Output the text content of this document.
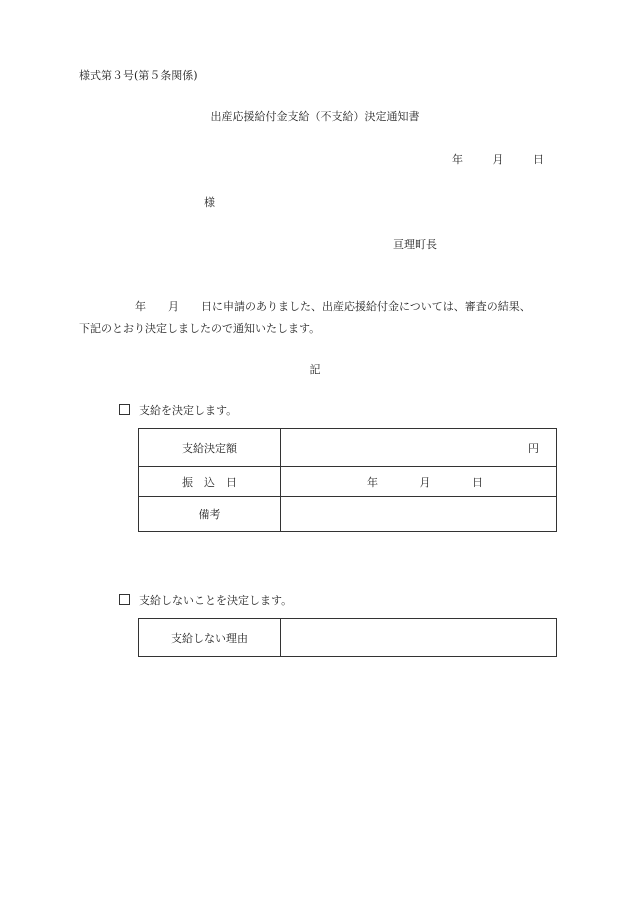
様式第３号(第５条関係)
出産応援給付金支給（不支給）決定通知書
年	月	日
様
亘理町長
年　　月　　日に申請のありました、出産応援給付金については、審査の結果、
下記のとおり決定しましたので通知いたします。
記
支給を決定します。
支給決定額	円
振　込　日	年 月 日
備考	
支給しないことを決定します。
支給しない理由	
